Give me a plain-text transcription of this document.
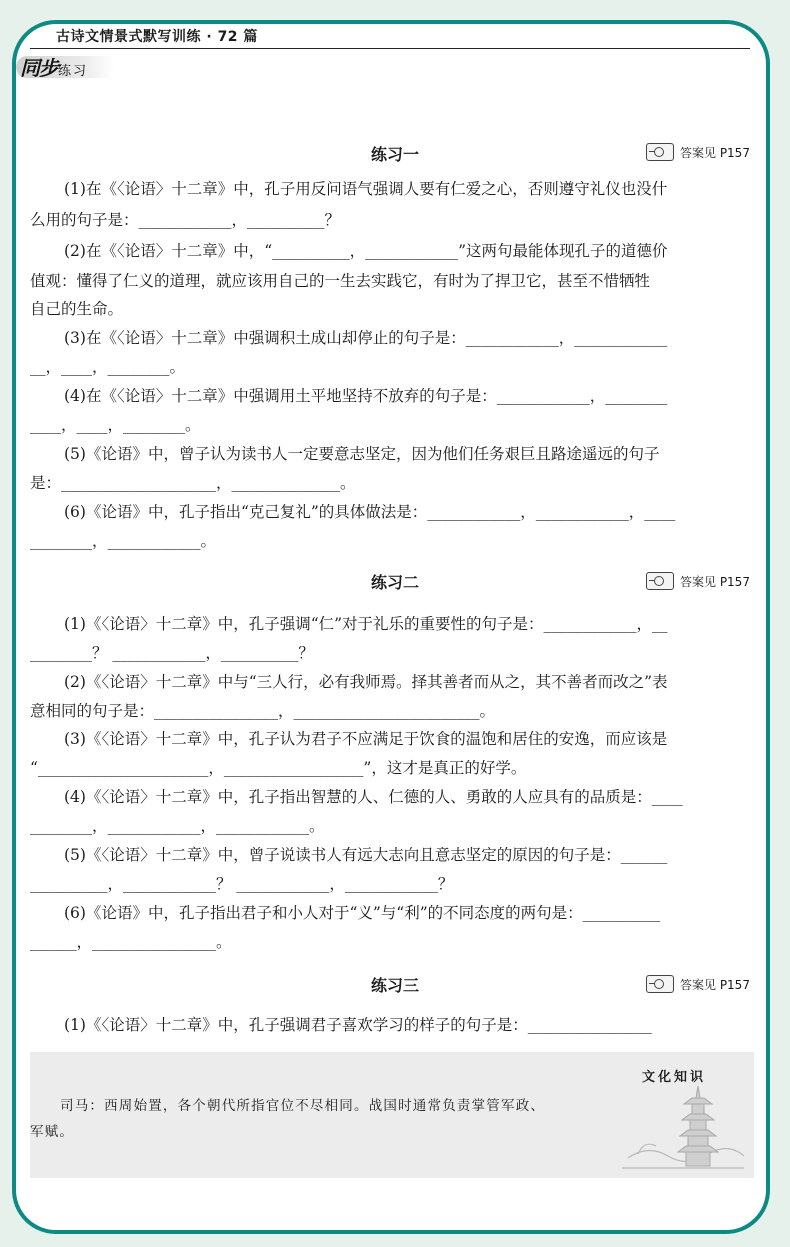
古诗文情景式默写训练 · 72 篇
同步练习
练习一	答案见 P157
(1)在《〈论语〉十二章》中，孔子用反问语气强调人要有仁爱之心，否则遵守礼仪也没什
么用的句子是：____________，__________？
(2)在《〈论语〉十二章》中，“__________，____________”这两句最能体现孔子的道德价
值观：懂得了仁义的道理，就应该用自己的一生去实践它，有时为了捍卫它，甚至不惜牺牲
自己的生命。
(3)在《〈论语〉十二章》中强调积土成山却停止的句子是：____________，____________
__，____，________。
(4)在《〈论语〉十二章》中强调用土平地坚持不放弃的句子是：____________，________
____，____，________。
(5)《论语》中，曾子认为读书人一定要意志坚定，因为他们任务艰巨且路途遥远的句子
是：____________________，______________。
(6)《论语》中，孔子指出“克己复礼”的具体做法是：____________，____________，____
________，____________。
练习二	答案见 P157
(1)《〈论语〉十二章》中，孔子强调“仁”对于礼乐的重要性的句子是：____________，__
________？ ____________，__________？
(2)《〈论语〉十二章》中与“三人行，必有我师焉。择其善者而从之，其不善者而改之”表
意相同的句子是：________________，________________________。
(3)《〈论语〉十二章》中，孔子认为君子不应满足于饮食的温饱和居住的安逸，而应该是
“______________________，__________________”，这才是真正的好学。
(4)《〈论语〉十二章》中，孔子指出智慧的人、仁德的人、勇敢的人应具有的品质是：____
________，____________，____________。
(5)《〈论语〉十二章》中，曾子说读书人有远大志向且意志坚定的原因的句子是：______
__________，____________？ ____________，____________？
(6)《论语》中，孔子指出君子和小人对于“义”与“利”的不同态度的两句是：__________
______，________________。
练习三	答案见 P157
(1)《〈论语〉十二章》中，孔子强调君子喜欢学习的样子的句子是：________________
文化知识
司马：西周始置，各个朝代所指官位不尽相同。战国时通常负责掌管军政、
军赋。
